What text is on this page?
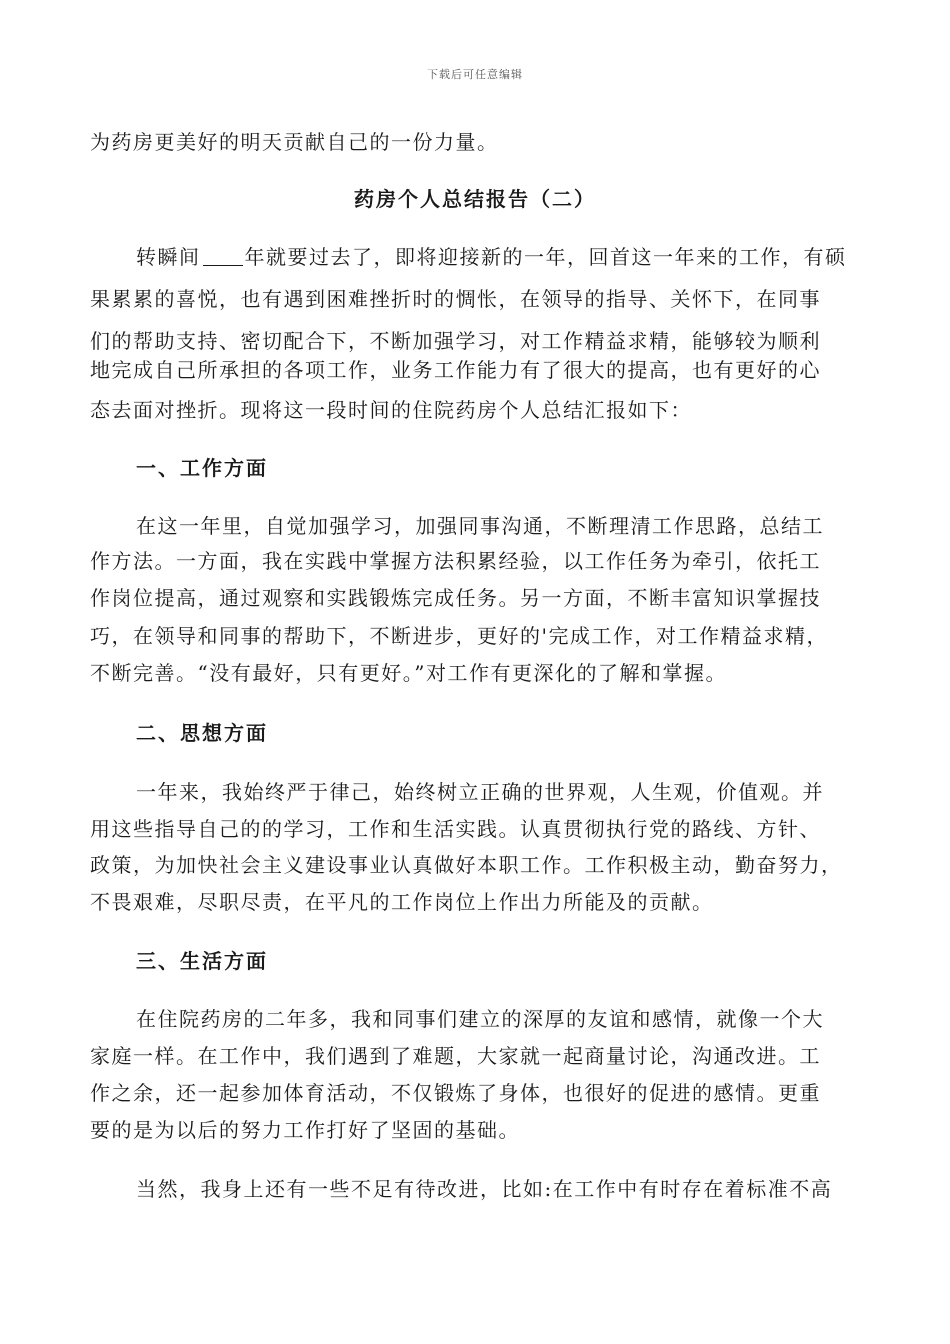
下载后可任意编辑
为药房更美好的明天贡献自己的一份力量。
药房个人总结报告（二）
转瞬间 年就要过去了，即将迎接新的一年，回首这一年来的工作，有硕
果累累的喜悦，也有遇到困难挫折时的惆怅，在领导的指导、关怀下，在同事
们的帮助支持、密切配合下，不断加强学习，对工作精益求精，能够较为顺利
地完成自己所承担的各项工作，业务工作能力有了很大的提高，也有更好的心
态去面对挫折。现将这一段时间的住院药房个人总结汇报如下：
一、工作方面
在这一年里，自觉加强学习，加强同事沟通，不断理清工作思路，总结工
作方法。一方面，我在实践中掌握方法积累经验，以工作任务为牵引，依托工
作岗位提高，通过观察和实践锻炼完成任务。另一方面，不断丰富知识掌握技
巧，在领导和同事的帮助下，不断进步，更好的'完成工作，对工作精益求精，
不断完善。“没有最好，只有更好。”对工作有更深化的了解和掌握。
二、思想方面
一年来，我始终严于律己，始终树立正确的世界观，人生观，价值观。并
用这些指导自己的的学习，工作和生活实践。认真贯彻执行党的路线、方针、
政策，为加快社会主义建设事业认真做好本职工作。工作积极主动，勤奋努力，
不畏艰难，尽职尽责，在平凡的工作岗位上作出力所能及的贡献。
三、生活方面
在住院药房的二年多，我和同事们建立的深厚的友谊和感情，就像一个大
家庭一样。在工作中，我们遇到了难题，大家就一起商量讨论，沟通改进。工
作之余，还一起参加体育活动，不仅锻炼了身体，也很好的促进的感情。更重
要的是为以后的努力工作打好了坚固的基础。
当然，我身上还有一些不足有待改进，比如:在工作中有时存在着标准不高
